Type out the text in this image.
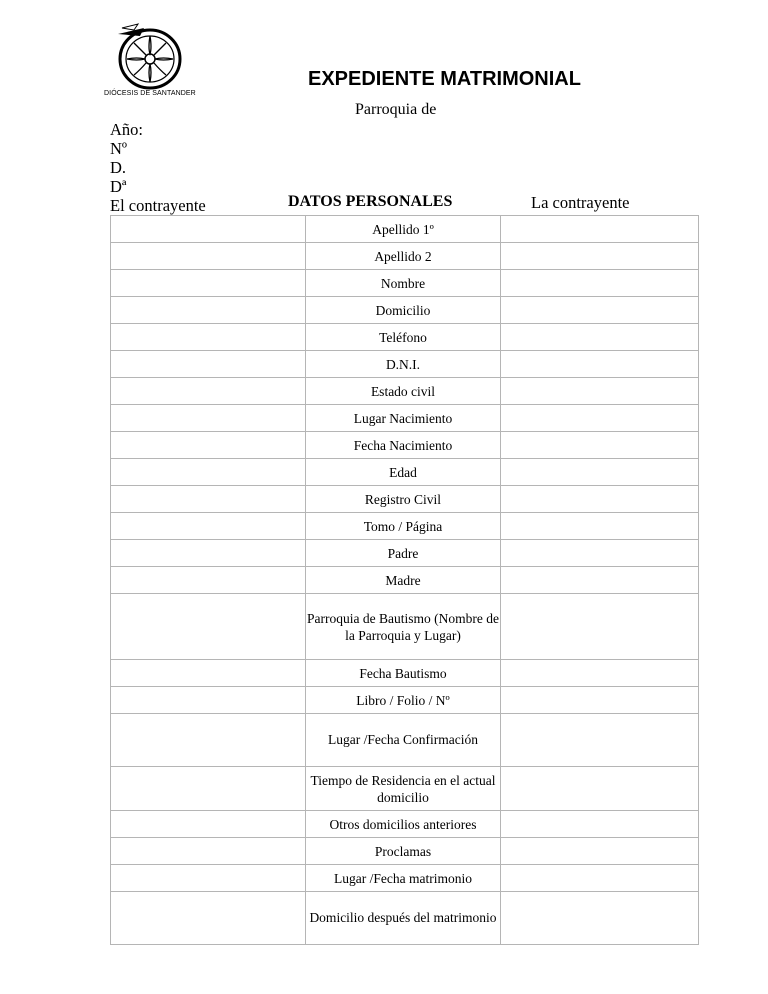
DIÓCESIS DE SANTANDER
EXPEDIENTE MATRIMONIAL
Parroquia de
Año:
Nº
D.
Dª
El contrayente	DATOS PERSONALES	La contrayente
	Apellido 1º	
	Apellido 2	
	Nombre	
	Domicilio	
	Teléfono	
	D.N.I.	
	Estado civil	
	Lugar Nacimiento	
	Fecha Nacimiento	
	Edad	
	Registro Civil	
	Tomo / Página	
	Padre	
	Madre	
	Parroquia de Bautismo (Nombre de la Parroquia y Lugar)	
	Fecha Bautismo	
	Libro / Folio / Nº	
	Lugar /Fecha Confirmación	
	Tiempo de Residencia en el actual domicilio	
	Otros domicilios anteriores	
	Proclamas	
	Lugar /Fecha matrimonio	
	Domicilio después del matrimonio	
